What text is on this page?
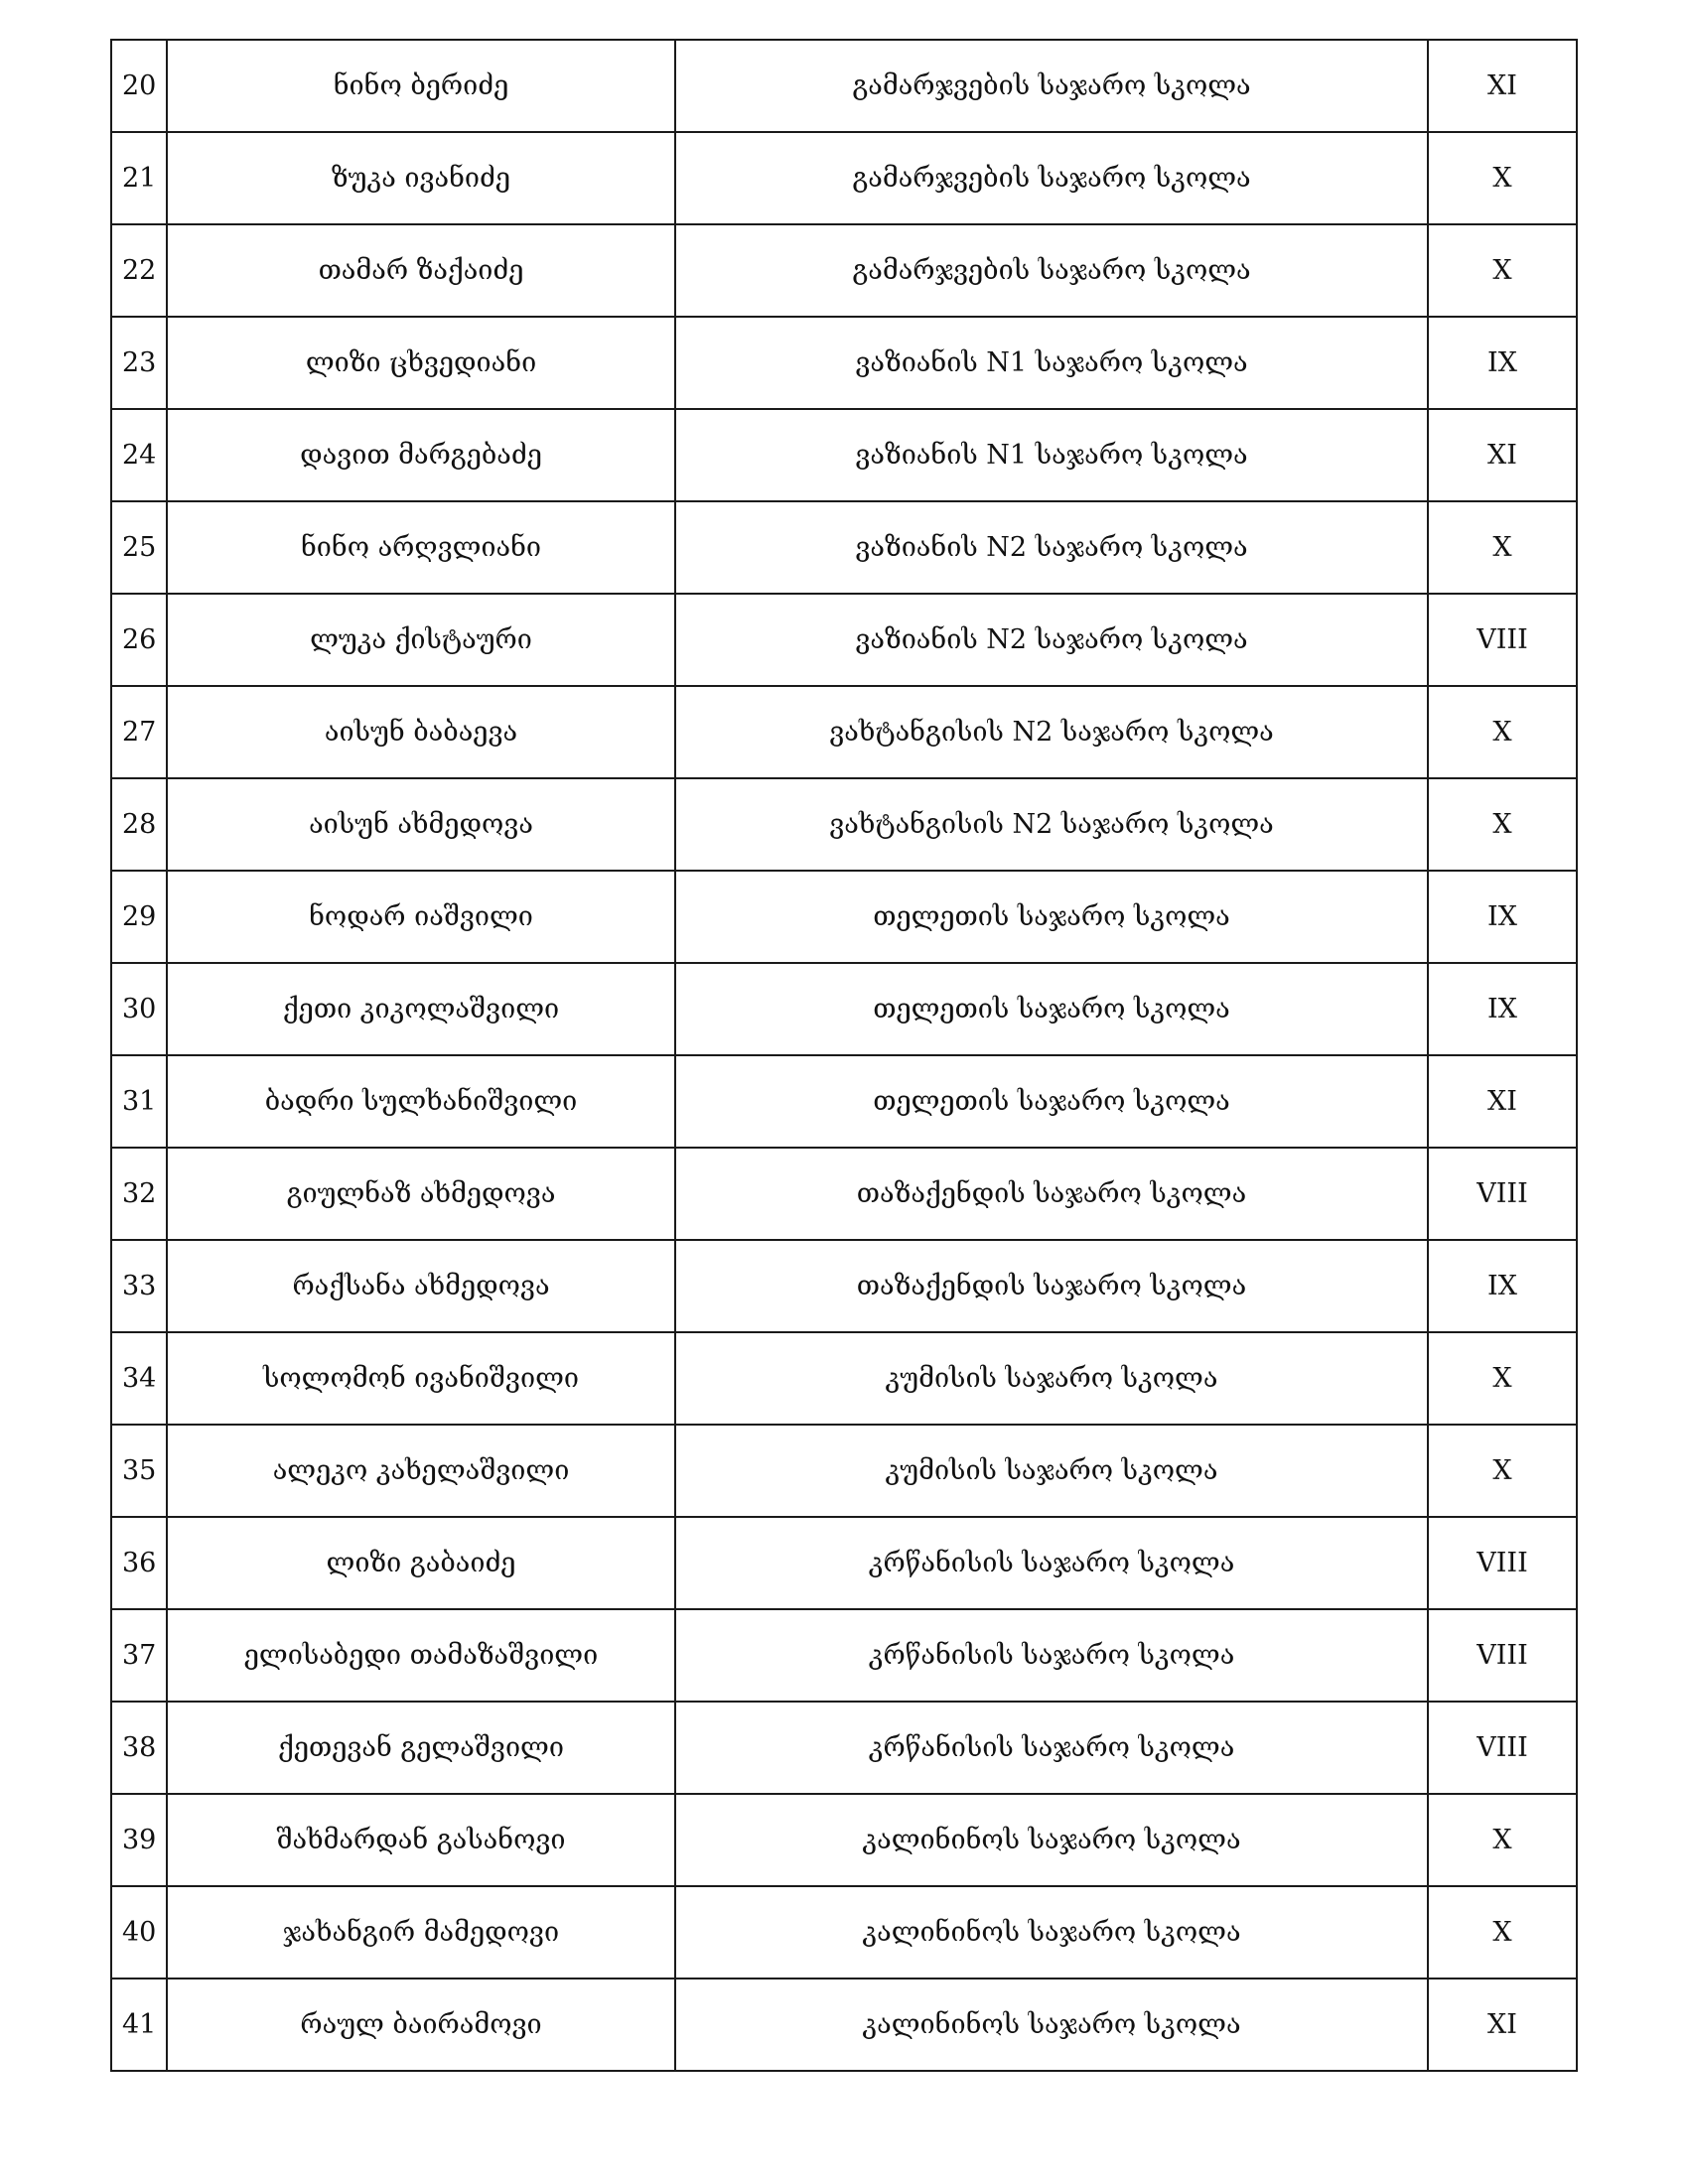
20	ნინო ბერიძე	გამარჯვების საჯარო სკოლა	XI
21	ზუკა ივანიძე	გამარჯვების საჯარო სკოლა	X
22	თამარ ზაქაიძე	გამარჯვების საჯარო სკოლა	X
23	ლიზი ცხვედიანი	ვაზიანის N1 საჯარო სკოლა	IX
24	დავით მარგებაძე	ვაზიანის N1 საჯარო სკოლა	XI
25	ნინო არღვლიანი	ვაზიანის N2 საჯარო სკოლა	X
26	ლუკა ქისტაური	ვაზიანის N2 საჯარო სკოლა	VIII
27	აისუნ ბაბაევა	ვახტანგისის N2 საჯარო სკოლა	X
28	აისუნ ახმედოვა	ვახტანგისის N2 საჯარო სკოლა	X
29	ნოდარ იაშვილი	თელეთის საჯარო სკოლა	IX
30	ქეთი კიკოლაშვილი	თელეთის საჯარო სკოლა	IX
31	ბადრი სულხანიშვილი	თელეთის საჯარო სკოლა	XI
32	გიულნაზ ახმედოვა	თაზაქენდის საჯარო სკოლა	VIII
33	რაქსანა ახმედოვა	თაზაქენდის საჯარო სკოლა	IX
34	სოლომონ ივანიშვილი	კუმისის საჯარო სკოლა	X
35	ალეკო კახელაშვილი	კუმისის საჯარო სკოლა	X
36	ლიზი გაბაიძე	კრწანისის საჯარო სკოლა	VIII
37	ელისაბედი თამაზაშვილი	კრწანისის საჯარო სკოლა	VIII
38	ქეთევან გელაშვილი	კრწანისის საჯარო სკოლა	VIII
39	შახმარდან გასანოვი	კალინინოს საჯარო სკოლა	X
40	ჯახანგირ მამედოვი	კალინინოს საჯარო სკოლა	X
41	რაულ ბაირამოვი	კალინინოს საჯარო სკოლა	XI
